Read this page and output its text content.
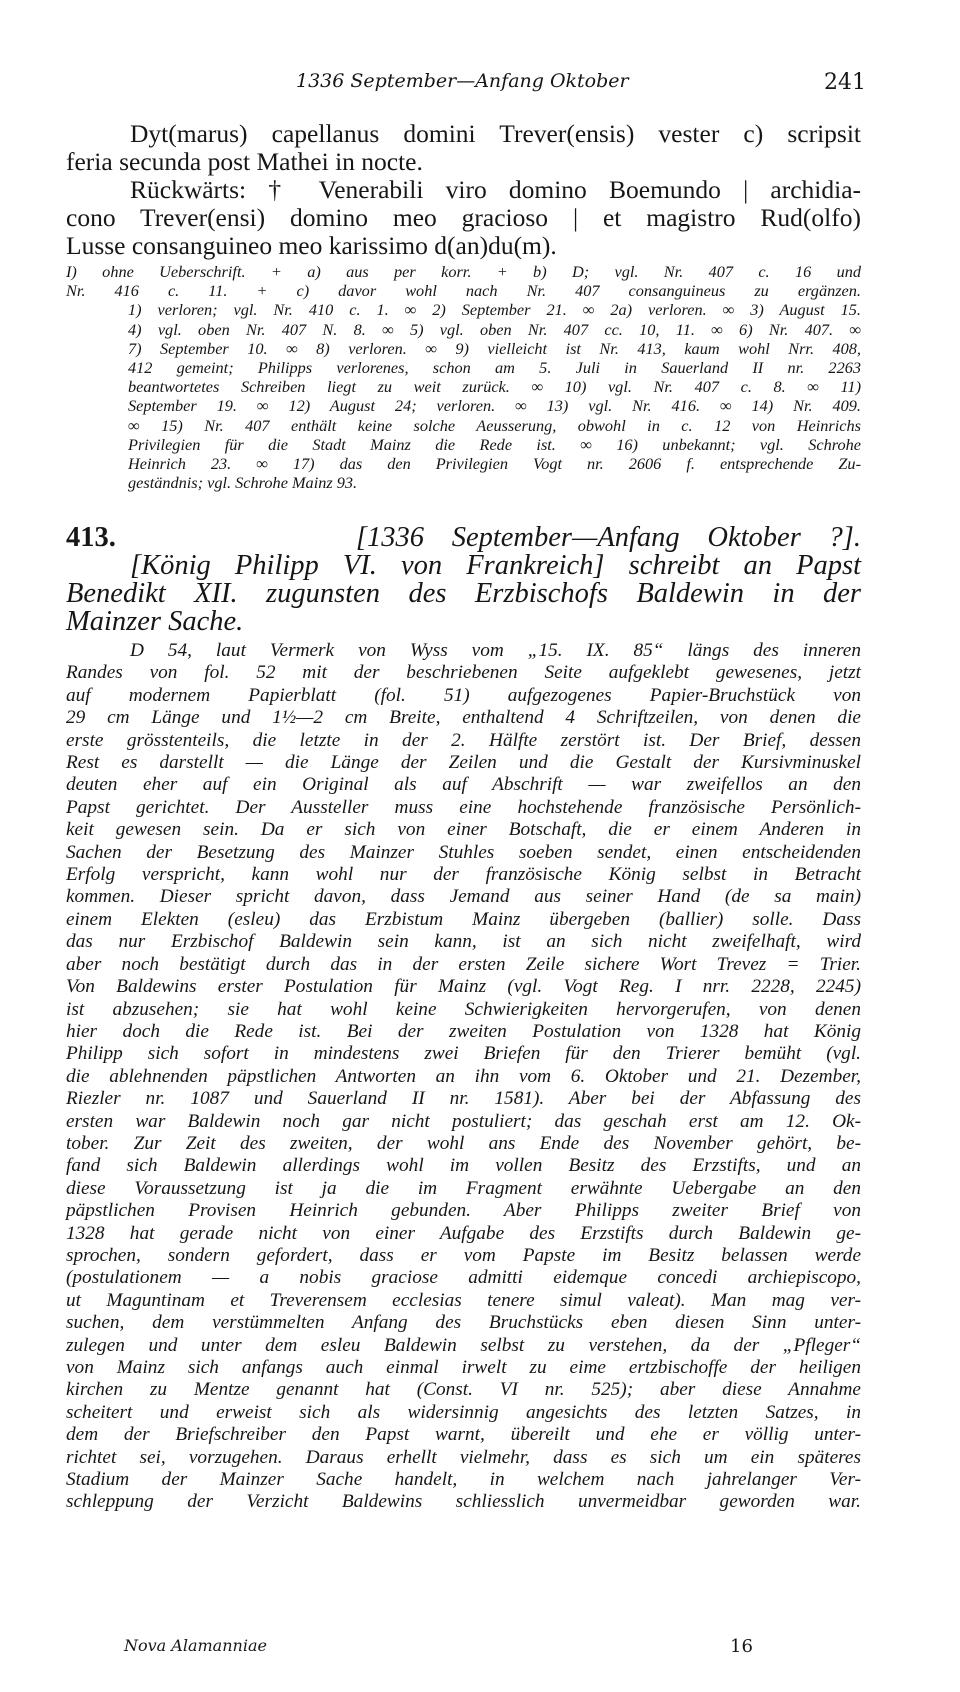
1336 September—Anfang Oktober	241
Dyt(marus) capellanus domini Trever(ensis) vester c) scripsit
feria secunda post Mathei in nocte.
Rückwärts: † Venerabili viro domino Boemundo | archidia-
cono Trever(ensi) domino meo gracioso | et magistro Rud(olfo)
Lusse consanguineo meo karissimo d(an)du(m).
I) ohne Ueberschrift. + a) aus per korr. + b) D; vgl. Nr. 407 c. 16 und
Nr. 416 c. 11. + c) davor wohl nach Nr. 407 consanguineus zu ergänzen.
1) verloren; vgl. Nr. 410 c. 1. ∞ 2) September 21. ∞ 2a) verloren. ∞ 3) August 15.
4) vgl. oben Nr. 407 N. 8. ∞ 5) vgl. oben Nr. 407 cc. 10, 11. ∞ 6) Nr. 407. ∞
7) September 10. ∞ 8) verloren. ∞ 9) vielleicht ist Nr. 413, kaum wohl Nrr. 408,
412 gemeint; Philipps verlorenes, schon am 5. Juli in Sauerland II nr. 2263
beantwortetes Schreiben liegt zu weit zurück. ∞ 10) vgl. Nr. 407 c. 8. ∞ 11)
September 19. ∞ 12) August 24; verloren. ∞ 13) vgl. Nr. 416. ∞ 14) Nr. 409.
∞ 15) Nr. 407 enthält keine solche Aeusserung, obwohl in c. 12 von Heinrichs
Privilegien für die Stadt Mainz die Rede ist. ∞ 16) unbekannt; vgl. Schrohe
Heinrich 23. ∞ 17) das den Privilegien Vogt nr. 2606 f. entsprechende Zu-
geständnis; vgl. Schrohe Mainz 93.
413.	[1336 September—Anfang Oktober ?].
[König Philipp VI. von Frankreich] schreibt an Papst
Benedikt XII. zugunsten des Erzbischofs Baldewin in der
Mainzer Sache.
D 54, laut Vermerk von Wyss vom „15. IX. 85“ längs des inneren
Randes von fol. 52 mit der beschriebenen Seite aufgeklebt gewesenes, jetzt
auf modernem Papierblatt (fol. 51) aufgezogenes Papier-Bruchstück von
29 cm Länge und 1½—2 cm Breite, enthaltend 4 Schriftzeilen, von denen die
erste grösstenteils, die letzte in der 2. Hälfte zerstört ist. Der Brief, dessen
Rest es darstellt — die Länge der Zeilen und die Gestalt der Kursivminuskel
deuten eher auf ein Original als auf Abschrift — war zweifellos an den
Papst gerichtet. Der Aussteller muss eine hochstehende französische Persönlich-
keit gewesen sein. Da er sich von einer Botschaft, die er einem Anderen in
Sachen der Besetzung des Mainzer Stuhles soeben sendet, einen entscheidenden
Erfolg verspricht, kann wohl nur der französische König selbst in Betracht
kommen. Dieser spricht davon, dass Jemand aus seiner Hand (de sa main)
einem Elekten (esleu) das Erzbistum Mainz übergeben (ballier) solle. Dass
das nur Erzbischof Baldewin sein kann, ist an sich nicht zweifelhaft, wird
aber noch bestätigt durch das in der ersten Zeile sichere Wort Trevez = Trier.
Von Baldewins erster Postulation für Mainz (vgl. Vogt Reg. I nrr. 2228, 2245)
ist abzusehen; sie hat wohl keine Schwierigkeiten hervorgerufen, von denen
hier doch die Rede ist. Bei der zweiten Postulation von 1328 hat König
Philipp sich sofort in mindestens zwei Briefen für den Trierer bemüht (vgl.
die ablehnenden päpstlichen Antworten an ihn vom 6. Oktober und 21. Dezember,
Riezler nr. 1087 und Sauerland II nr. 1581). Aber bei der Abfassung des
ersten war Baldewin noch gar nicht postuliert; das geschah erst am 12. Ok-
tober. Zur Zeit des zweiten, der wohl ans Ende des November gehört, be-
fand sich Baldewin allerdings wohl im vollen Besitz des Erzstifts, und an
diese Voraussetzung ist ja die im Fragment erwähnte Uebergabe an den
päpstlichen Provisen Heinrich gebunden. Aber Philipps zweiter Brief von
1328 hat gerade nicht von einer Aufgabe des Erzstifts durch Baldewin ge-
sprochen, sondern gefordert, dass er vom Papste im Besitz belassen werde
(postulationem — a nobis graciose admitti eidemque concedi archiepiscopo,
ut Maguntinam et Treverensem ecclesias tenere simul valeat). Man mag ver-
suchen, dem verstümmelten Anfang des Bruchstücks eben diesen Sinn unter-
zulegen und unter dem esleu Baldewin selbst zu verstehen, da der „Pfleger“
von Mainz sich anfangs auch einmal irwelt zu eime ertzbischoffe der heiligen
kirchen zu Mentze genannt hat (Const. VI nr. 525); aber diese Annahme
scheitert und erweist sich als widersinnig angesichts des letzten Satzes, in
dem der Briefschreiber den Papst warnt, übereilt und ehe er völlig unter-
richtet sei, vorzugehen. Daraus erhellt vielmehr, dass es sich um ein späteres
Stadium der Mainzer Sache handelt, in welchem nach jahrelanger Ver-
schleppung der Verzicht Baldewins schliesslich unvermeidbar geworden war.
Nova Alamanniae	16
